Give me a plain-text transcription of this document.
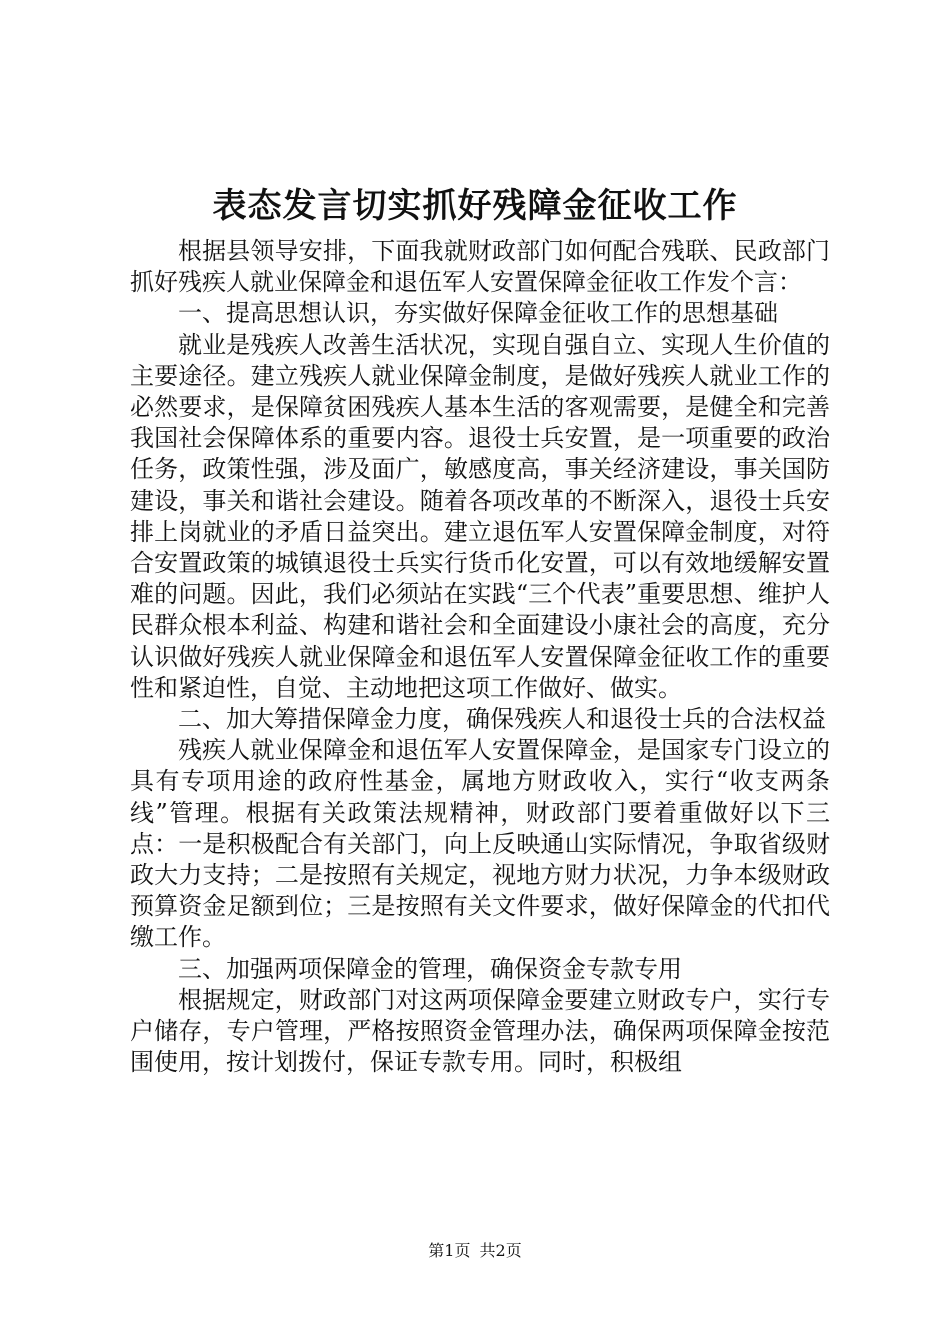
表态发言切实抓好残障金征收工作

根据县领导安排，下面我就财政部门如何配合残联、民政部门抓好残疾人就业保障金和退伍军人安置保障金征收工作发个言：

一、提高思想认识，夯实做好保障金征收工作的思想基础

就业是残疾人改善生活状况，实现自强自立、实现人生价值的主要途径。建立残疾人就业保障金制度，是做好残疾人就业工作的必然要求，是保障贫困残疾人基本生活的客观需要，是健全和完善我国社会保障体系的重要内容。退役士兵安置，是一项重要的政治任务，政策性强，涉及面广，敏感度高，事关经济建设，事关国防建设，事关和谐社会建设。随着各项改革的不断深入，退役士兵安排上岗就业的矛盾日益突出。建立退伍军人安置保障金制度，对符合安置政策的城镇退役士兵实行货币化安置，可以有效地缓解安置难的问题。因此，我们必须站在实践“三个代表”重要思想、维护人民群众根本利益、构建和谐社会和全面建设小康社会的高度，充分认识做好残疾人就业保障金和退伍军人安置保障金征收工作的重要性和紧迫性，自觉、主动地把这项工作做好、做实。

二、加大筹措保障金力度，确保残疾人和退役士兵的合法权益

残疾人就业保障金和退伍军人安置保障金，是国家专门设立的具有专项用途的政府性基金，属地方财政收入，实行“收支两条线”管理。根据有关政策法规精神，财政部门要着重做好以下三点：一是积极配合有关部门，向上反映通山实际情况，争取省级财政大力支持；二是按照有关规定，视地方财力状况，力争本级财政预算资金足额到位；三是按照有关文件要求，做好保障金的代扣代缴工作。

三、加强两项保障金的管理，确保资金专款专用

根据规定，财政部门对这两项保障金要建立财政专户，实行专户储存，专户管理，严格按照资金管理办法，确保两项保障金按范围使用，按计划拨付，保证专款专用。同时，积极组

第1页 共2页
